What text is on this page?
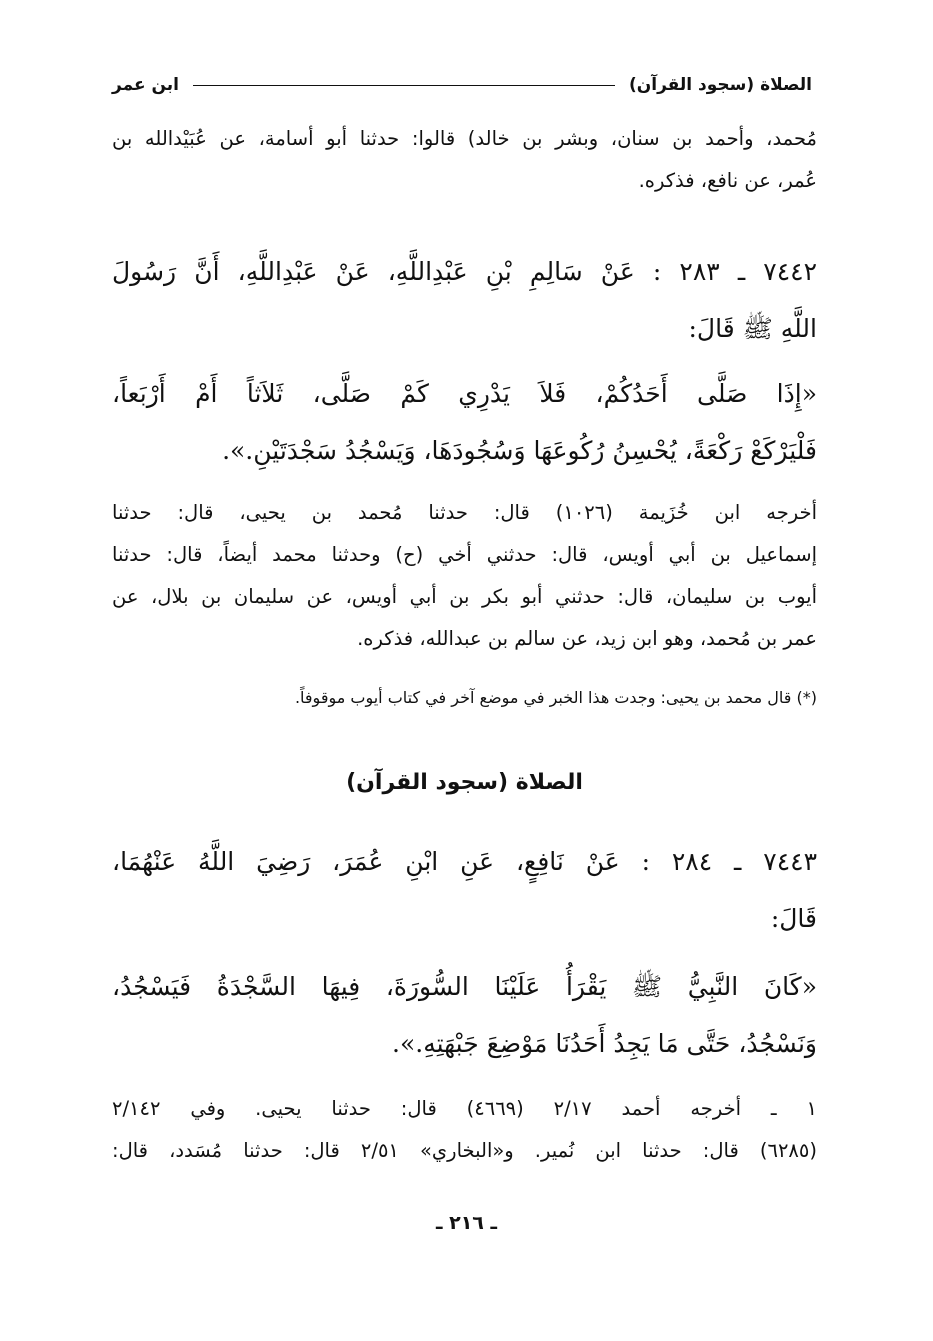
الصلاة (سجود القرآن)
ابن عمر
مُحمد، وأحمد بن سنان، وبشر بن خالد) قالوا: حدثنا أبو أسامة، عن عُبَيْدالله بن
عُمر، عن نافع، فذكره.
٧٤٤٢ ـ ٢٨٣ : عَنْ سَالِمِ بْنِ عَبْدِاللَّهِ، عَنْ عَبْدِاللَّهِ، أَنَّ رَسُولَ
اللَّهِ ﷺ قَالَ:
«إِذَا صَلَّى أَحَدُكُمْ، فَلاَ يَدْرِي كَمْ صَلَّى، ثَلاَثاً أَمْ أَرْبَعاً،
فَلْيَرْكَعْ رَكْعَةً، يُحْسِنُ رُكُوعَهَا وَسُجُودَهَا، وَيَسْجُدُ سَجْدَتَيْنِ.».
أخرجه ابن خُزَيمة (١٠٢٦) قال: حدثنا مُحمد بن يحيى، قال: حدثنا
إسماعيل بن أبي أويس، قال: حدثني أخي (ح) وحدثنا محمد أيضاً، قال: حدثنا
أيوب بن سليمان، قال: حدثني أبو بكر بن أبي أويس، عن سليمان بن بلال، عن
عمر بن مُحمد، وهو ابن زيد، عن سالم بن عبدالله، فذكره.
(*) قال محمد بن يحيى: وجدت هذا الخبر في موضع آخر في كتاب أيوب موقوفاً.
الصلاة (سجود القرآن)
٧٤٤٣ ـ ٢٨٤ : عَنْ نَافِعٍ، عَنِ ابْنِ عُمَرَ، رَضِيَ اللَّهُ عَنْهُمَا،
قَالَ:
«كَانَ النَّبِيُّ ﷺ يَقْرَأُ عَلَيْنَا السُّورَةَ، فِيهَا السَّجْدَةُ فَيَسْجُدُ،
وَنَسْجُدُ، حَتَّى مَا يَجِدُ أَحَدُنَا مَوْضِعَ جَبْهَتِهِ.».
١ ـ أخرجه أحمد ٢/١٧ (٤٦٦٩) قال: حدثنا يحيى. وفي ٢/١٤٢
(٦٢٨٥) قال: حدثنا ابن نُمير. و«البخاري» ٢/٥١ قال: حدثنا مُسَدد، قال:
ـ ٢١٦ ـ
